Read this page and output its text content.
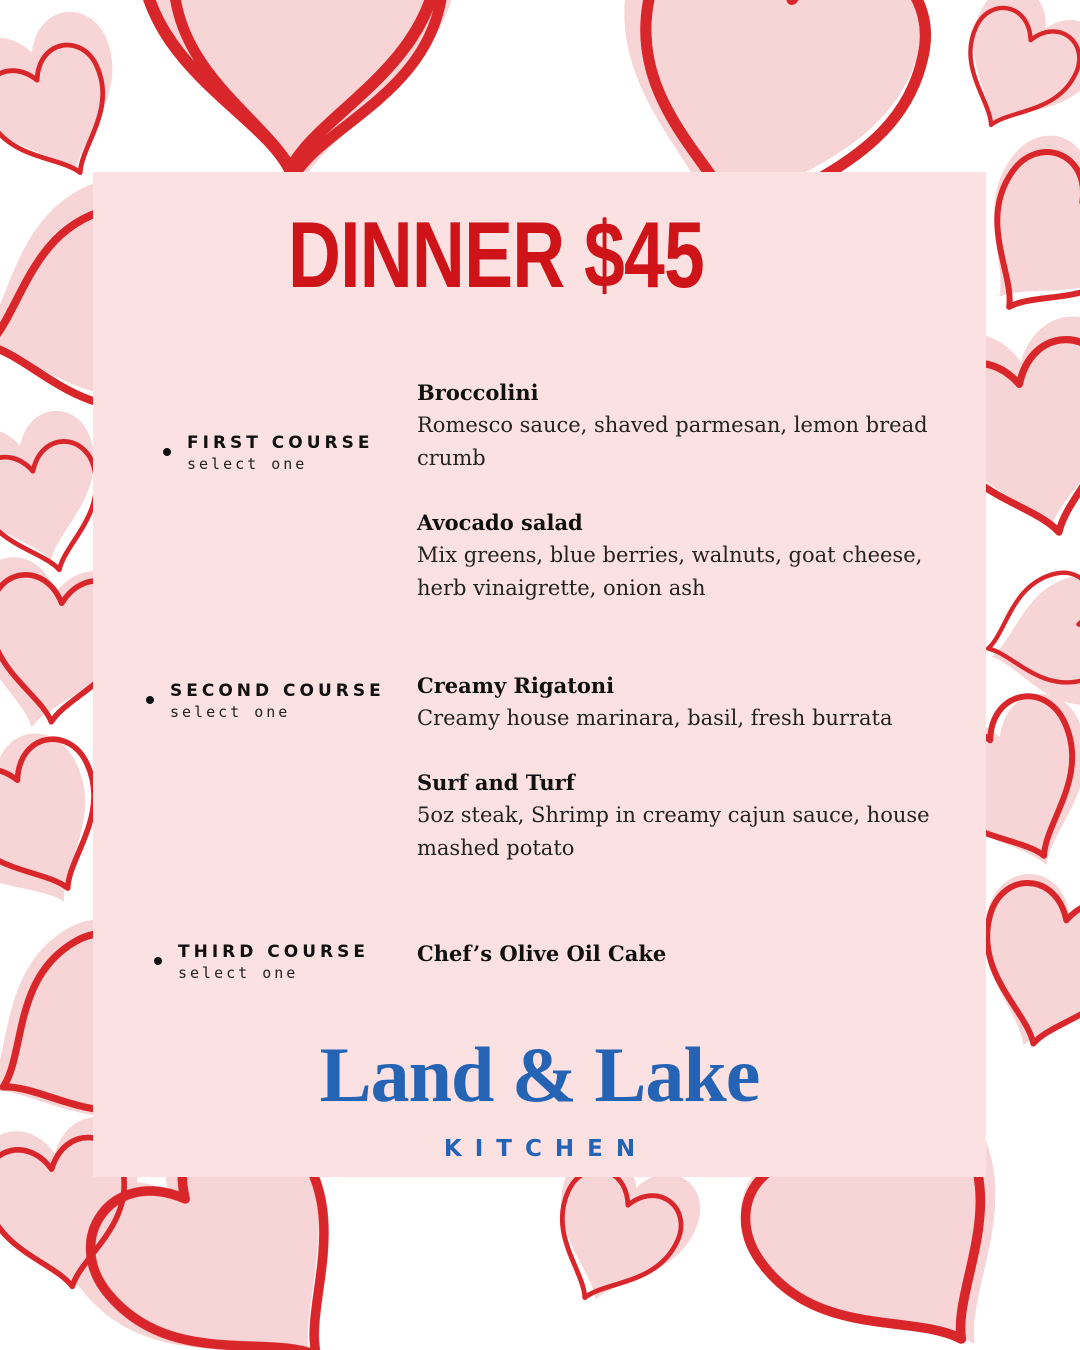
DINNER $45
FIRST COURSE
select one
Broccolini
Romesco sauce, shaved parmesan, lemon bread crumb
Avocado salad
Mix greens, blue berries, walnuts, goat cheese, herb vinaigrette, onion ash
SECOND COURSE
select one
Creamy Rigatoni
Creamy house marinara, basil, fresh burrata
Surf and Turf
5oz steak, Shrimp in creamy cajun sauce, house mashed potato
THIRD COURSE
select one
Chef’s Olive Oil Cake
Land & Lake
KITCHEN
